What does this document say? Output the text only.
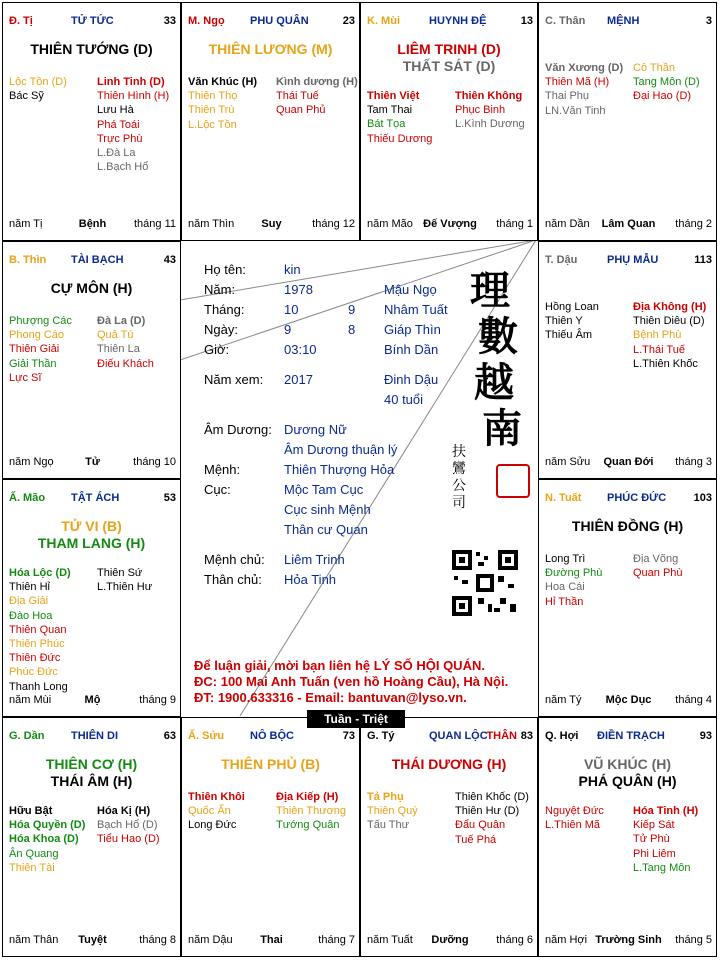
Họ tên:	kin
Năm:	1978	Mậu Ngọ
Tháng:	10	9 Nhâm Tuất
Ngày:	9	8 Giáp Thìn
Giờ:	03:10	Bính Dần
Năm xem: 2017	Đinh Dậu
40 tuổi
Âm Dương: Dương Nữ
Âm Dương thuận lý
Mệnh:	Thiên Thượng Hỏa
Cục:	Mộc Tam Cục
Cục sinh Mệnh
Thân cư Quan
Mệnh chủ: Liêm Trinh
Thân chủ: Hỏa Tinh
理
數
越
南
扶 鸞 公 司
Để luận giải, mời bạn liên hệ LÝ SỐ HỘI QUÁN.
ĐC: 100 Mai Anh Tuấn (ven hồ Hoàng Cầu), Hà Nội.
ĐT: 1900.633316 - Email: bantuvan@lyso.vn.
Tuần - Triệt
Đ. Tị	TỬ TỨC	33
THIÊN TƯỚNG (D)
Lộc Tồn (D)
Bác Sỹ
Linh Tinh (D)
Thiên Hình (H)
Lưu Hà
Phá Toái
Trực Phù
L.Đà La
L.Bạch Hổ
năm Tị	Bệnh	tháng 11
M. Ngọ PHU QUÂN	23
THIÊN LƯƠNG (M)
Văn Khúc (H)
Thiên Thọ
Thiên Trù
L.Lộc Tồn
Kình dương (H)
Thái Tuế
Quan Phủ
năm Thìn	Suy	tháng 12
K. Mùi	HUYNH ĐỆ	13
LIÊM TRINH (D)
THẤT SÁT (D)
Thiên Việt
Tam Thai
Bát Tọa
Thiếu Dương
Thiên Không
Phục Binh
L.Kình Dương
năm Mão Đế Vượng	tháng 1
C. Thân MỆNH	3
Văn Xương (D)
Thiên Mã (H)
Thai Phụ
LN.Văn Tinh
Cô Thần
Tang Môn (D)
Đại Hao (D)
năm Dần	Lâm Quan	tháng 2
B. Thìn TÀI BẠCH	43
CỰ MÔN (H)
Phượng Các
Phong Cáo
Thiên Giải
Giải Thần
Lực Sĩ
Đà La (D)
Quả Tú
Thiên La
Điếu Khách
năm Ngọ	Tử	tháng 10
T. Dậu	PHỤ MẪU	113
Hồng Loan
Thiên Y
Thiếu Âm
Địa Không (H)
Thiên Diêu (D)
Bệnh Phù
L.Thái Tuế
L.Thiên Khốc
năm Sửu	Quan Đới	tháng 3
Ấ. Mão TẬT ÁCH	53
TỬ VI (B)
THAM LANG (H)
Hóa Lộc (D)
Thiên Hỉ
Địa Giải
Đào Hoa
Thiên Quan
Thiên Phúc
Thiên Đức
Phúc Đức
Thanh Long
Thiên Sứ
L.Thiên Hư
năm Mùi	Mộ	tháng 9
N. Tuất PHÚC ĐỨC 103
THIÊN ĐỒNG (H)
Long Trì
Đường Phù
Hoa Cái
Hỉ Thần
Địa Võng
Quan Phù
năm Tý	Mộc Dục	tháng 4
G. Dần THIÊN DI	63
THIÊN CƠ (H)
THÁI ÂM (H)
Hữu Bật
Hóa Quyền (D)
Hóa Khoa (D)
Ân Quang
Thiên Tài
Hóa Kị (H)
Bạch Hổ (D)
Tiểu Hao (D)
năm Thân	Tuyệt	tháng 8
Ấ. Sửu NÔ BỘC	73
THIÊN PHỦ (B)
Thiên Khôi
Quốc Ấn
Long Đức
Địa Kiếp (H)
Thiên Thương
Tướng Quân
năm Dậu	Thai	tháng 7
G. Tý	QUAN LỘC
THÂN 83
THÁI DƯƠNG (H)
Tả Phụ
Thiên Quý
Tấu Thư
Thiên Khốc (D)
Thiên Hư (D)
Đẩu Quân
Tuế Phá
năm Tuất	Dưỡng	tháng 6
Q. Hợi ĐIỀN TRẠCH	93
VŨ KHÚC (H)
PHÁ QUÂN (H)
Nguyệt Đức
L.Thiên Mã
Hóa Tinh (H)
Kiếp Sát
Tử Phù
Phi Liêm
L.Tang Môn
năm Hợi Trường Sinh	tháng 5
